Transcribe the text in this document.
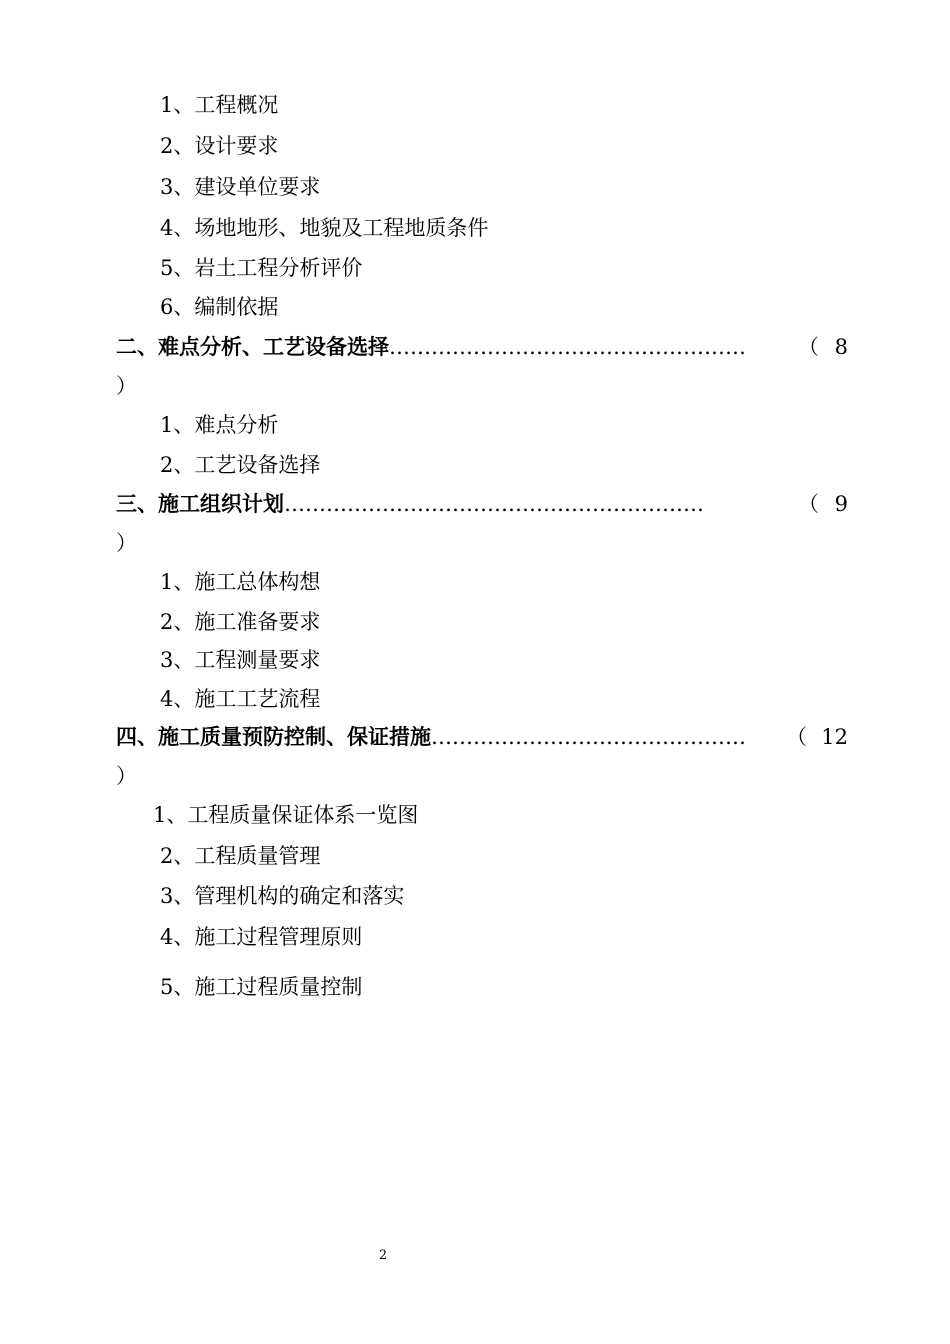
1、工程概况
2、设计要求
3、建设单位要求
4、场地地形、地貌及工程地质条件
5、岩土工程分析评价
6、编制依据
二、难点分析、工艺设备选择…………………………………………… （ 8
）
1、难点分析
2、工艺设备选择
三、施工组织计划……………………………………………………	（ 9
）
1、施工总体构想
2、施工准备要求
3、工程测量要求
4、施工工艺流程
四、施工质量预防控制、保证措施……………………………………… （ 12
）
1、工程质量保证体系一览图
2、工程质量管理
3、管理机构的确定和落实
4、施工过程管理原则
5、施工过程质量控制
2
